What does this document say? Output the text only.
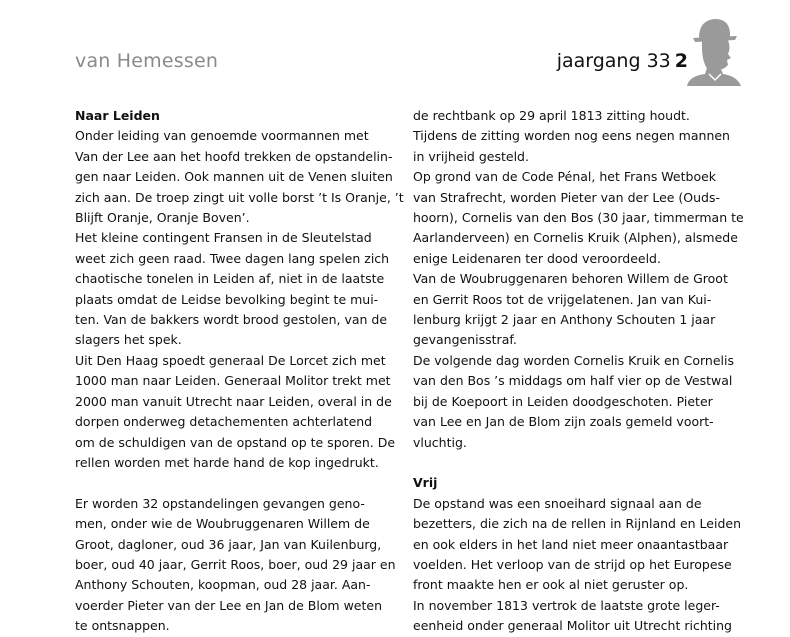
van Hemessen	jaargang 33 2

Naar Leiden

Onder leiding van genoemde voormannen met

Van der Lee aan het hoofd trekken de opstandelin-

gen naar Leiden. Ook mannen uit de Venen sluiten

zich aan. De troep zingt uit volle borst ’t Is Oranje, ’t

Blijft Oranje, Oranje Boven’.

Het kleine contingent Fransen in de Sleutelstad

weet zich geen raad. Twee dagen lang spelen zich

chaotische tonelen in Leiden af, niet in de laatste

plaats omdat de Leidse bevolking begint te mui-

ten. Van de bakkers wordt brood gestolen, van de

slagers het spek.

Uit Den Haag spoedt generaal De Lorcet zich met

1000 man naar Leiden. Generaal Molitor trekt met

2000 man vanuit Utrecht naar Leiden, overal in de

dorpen onderweg detachementen achterlatend

om de schuldigen van de opstand op te sporen. De

rellen worden met harde hand de kop ingedrukt.

Er worden 32 opstandelingen gevangen geno-

men, onder wie de Woubruggenaren Willem de

Groot, dagloner, oud 36 jaar, Jan van Kuilenburg,

boer, oud 40 jaar, Gerrit Roos, boer, oud 29 jaar en

Anthony Schouten, koopman, oud 28 jaar. Aan-

voerder Pieter van der Lee en Jan de Blom weten

te ontsnappen.

de rechtbank op 29 april 1813 zitting houdt.

Tijdens de zitting worden nog eens negen mannen

in vrijheid gesteld.

Op grond van de Code Pénal, het Frans Wetboek

van Strafrecht, worden Pieter van der Lee (Ouds-

hoorn), Cornelis van den Bos (30 jaar, timmerman te

Aarlanderveen) en Cornelis Kruik (Alphen), alsmede

enige Leidenaren ter dood veroordeeld.

Van de Woubruggenaren behoren Willem de Groot

en Gerrit Roos tot de vrijgelatenen. Jan van Kui-

lenburg krijgt 2 jaar en Anthony Schouten 1 jaar

gevangenisstraf.

De volgende dag worden Cornelis Kruik en Cornelis

van den Bos ’s middags om half vier op de Vestwal

bij de Koepoort in Leiden doodgeschoten. Pieter

van Lee en Jan de Blom zijn zoals gemeld voort-

vluchtig.

Vrij

De opstand was een snoeihard signaal aan de

bezetters, die zich na de rellen in Rijnland en Leiden

en ook elders in het land niet meer onaantastbaar

voelden. Het verloop van de strijd op het Europese

front maakte hen er ook al niet geruster op.

In november 1813 vertrok de laatste grote leger-

eenheid onder generaal Molitor uit Utrecht richting
